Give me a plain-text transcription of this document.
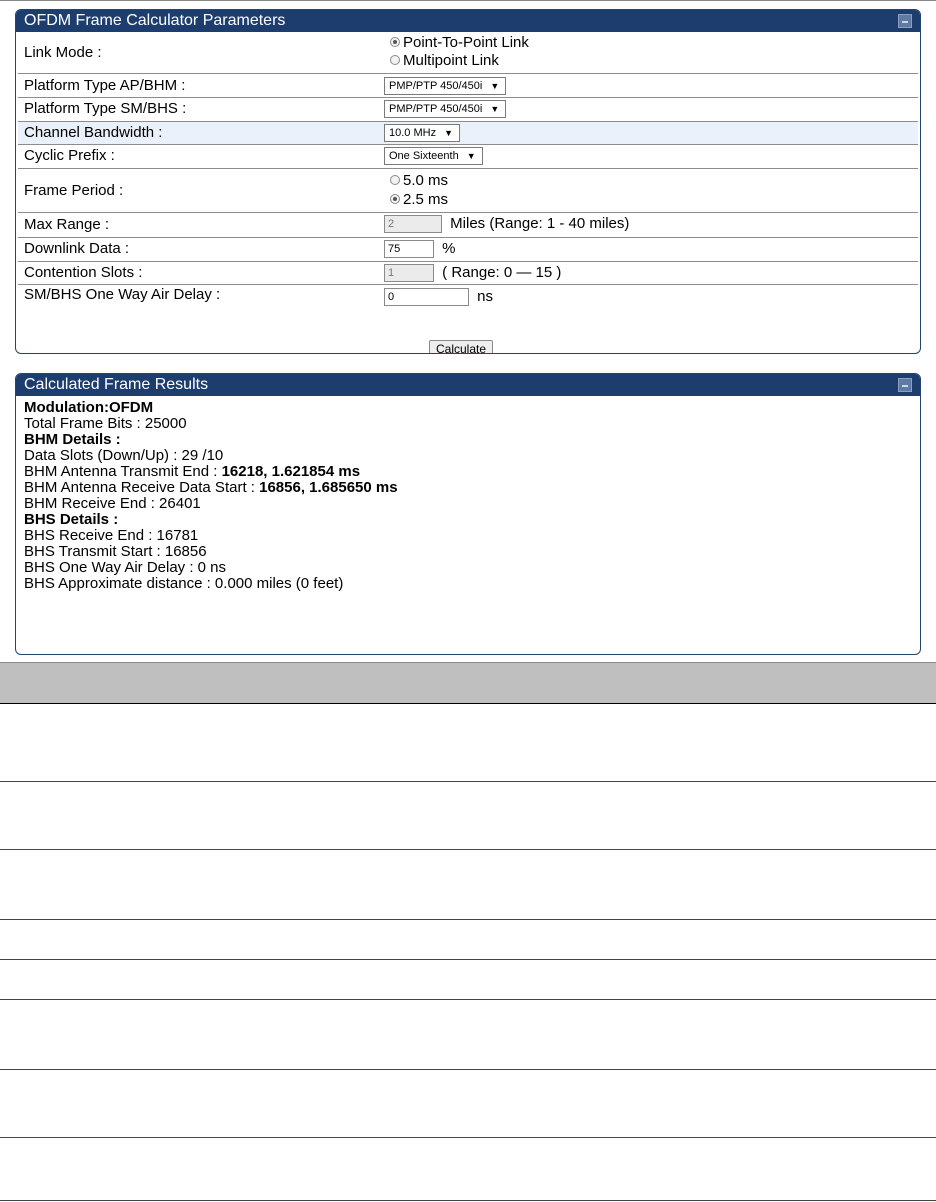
OFDM Frame Calculator Parameters
Link Mode :
Point-To-Point Link
Multipoint Link
Platform Type AP/BHM :	PMP/PTP 450/450i ▼
Platform Type SM/BHS :	PMP/PTP 450/450i ▼
Channel Bandwidth :	10.0 MHz ▼
Cyclic Prefix :	One Sixteenth ▼
Frame Period :
5.0 ms
2.5 ms
Max Range :	2	Miles (Range: 1 - 40 miles)
Downlink Data :	75	%
Contention Slots :	1	( Range: 0 — 15 )
SM/BHS One Way Air Delay :	0	ns
Calculate
Calculated Frame Results
Modulation:OFDM
Total Frame Bits : 25000
BHM Details :
Data Slots (Down/Up) : 29 /10
BHM Antenna Transmit End : 16218, 1.621854 ms
BHM Antenna Receive Data Start : 16856, 1.685650 ms
BHM Receive End : 26401
BHS Details :
BHS Receive End : 16781
BHS Transmit Start : 16856
BHS One Way Air Delay : 0 ns
BHS Approximate distance : 0.000 miles (0 feet)
